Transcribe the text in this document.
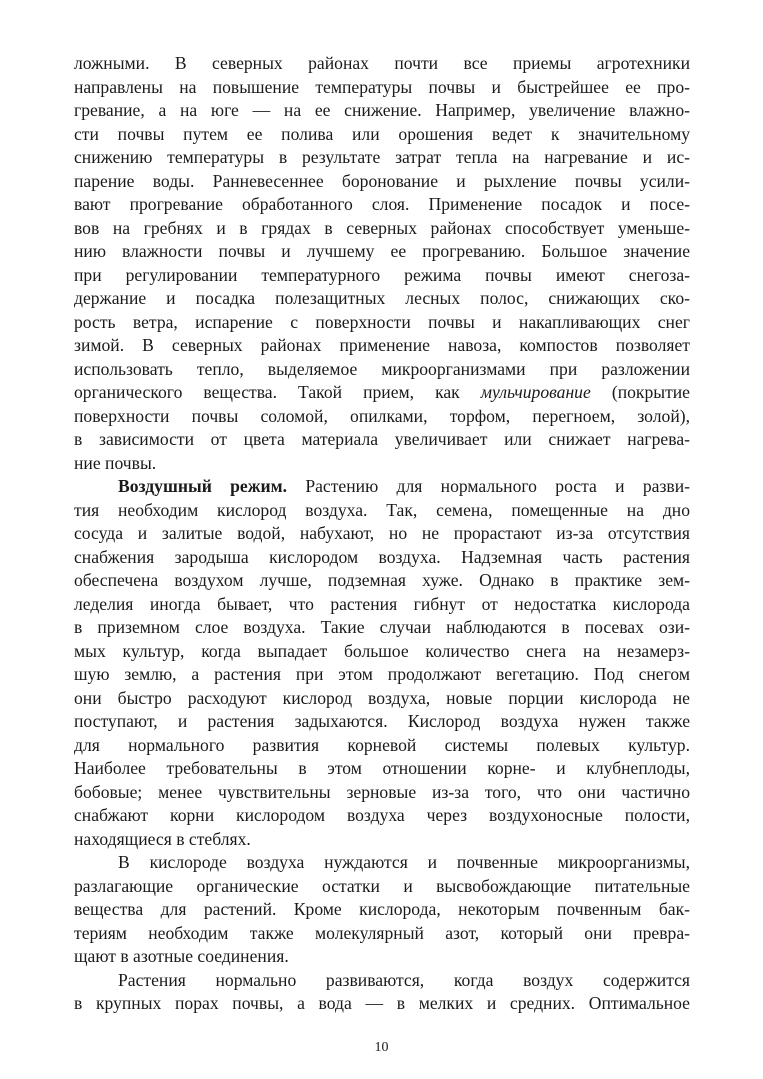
ложными. В северных районах почти все приемы агротехники
направлены на повышение температуры почвы и быстрейшее ее про-
гревание, а на юге — на ее снижение. Например, увеличение влажно-
сти почвы путем ее полива или орошения ведет к значительному
снижению температуры в результате затрат тепла на нагревание и ис-
парение воды. Ранневесеннее боронование и рыхление почвы усили-
вают прогревание обработанного слоя. Применение посадок и посе-
вов на гребнях и в грядах в северных районах способствует уменьше-
нию влажности почвы и лучшему ее прогреванию. Большое значение
при регулировании температурного режима почвы имеют снегоза-
держание и посадка полезащитных лесных полос, снижающих ско-
рость ветра, испарение с поверхности почвы и накапливающих снег
зимой. В северных районах применение навоза, компостов позволяет
использовать тепло, выделяемое микроорганизмами при разложении
органического вещества. Такой прием, как мульчирование (покрытие
поверхности почвы соломой, опилками, торфом, перегноем, золой),
в зависимости от цвета материала увеличивает или снижает нагрева-
ние почвы.

Воздушный режим. Растению для нормального роста и разви-
тия необходим кислород воздуха. Так, семена, помещенные на дно
сосуда и залитые водой, набухают, но не прорастают из-за отсутствия
снабжения зародыша кислородом воздуха. Надземная часть растения
обеспечена воздухом лучше, подземная хуже. Однако в практике зем-
леделия иногда бывает, что растения гибнут от недостатка кислорода
в приземном слое воздуха. Такие случаи наблюдаются в посевах ози-
мых культур, когда выпадает большое количество снега на незамерз-
шую землю, а растения при этом продолжают вегетацию. Под снегом
они быстро расходуют кислород воздуха, новые порции кислорода не
поступают, и растения задыхаются. Кислород воздуха нужен также
для нормального развития корневой системы полевых культур.
Наиболее требовательны в этом отношении корне- и клубнеплоды,
бобовые; менее чувствительны зерновые из-за того, что они частично
снабжают корни кислородом воздуха через воздухоносные полости,
находящиеся в стеблях.

В кислороде воздуха нуждаются и почвенные микроорганизмы,
разлагающие органические остатки и высвобождающие питательные
вещества для растений. Кроме кислорода, некоторым почвенным бак-
териям необходим также молекулярный азот, который они превра-
щают в азотные соединения.

Растения нормально развиваются, когда воздух содержится
в крупных порах почвы, а вода — в мелких и средних. Оптимальное

10
